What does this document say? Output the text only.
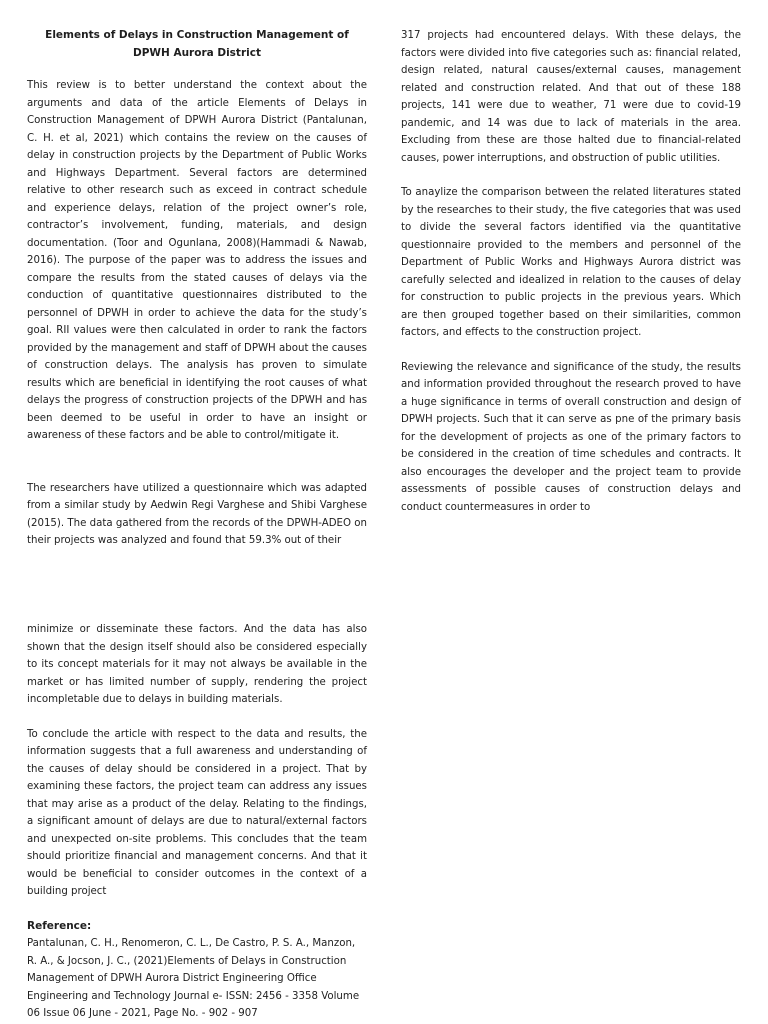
Elements of Delays in Construction Management of DPWH Aurora District

This review is to better understand the context about the arguments and data of the article Elements of Delays in Construction Management of DPWH Aurora District (Pantalunan, C. H. et al, 2021) which contains the review on the causes of delay in construction projects by the Department of Public Works and Highways Department. Several factors are determined relative to other research such as exceed in contract schedule and experience delays, relation of the project owner’s role, contractor’s involvement, funding, materials, and design documentation. (Toor and Ogunlana, 2008)(Hammadi & Nawab, 2016). The purpose of the paper was to address the issues and compare the results from the stated causes of delays via the conduction of quantitative questionnaires distributed to the personnel of DPWH in order to achieve the data for the study’s goal. RII values were then calculated in order to rank the factors provided by the management and staff of DPWH about the causes of construction delays. The analysis has proven to simulate results which are beneficial in identifying the root causes of what delays the progress of construction projects of the DPWH and has been deemed to be useful in order to have an insight or awareness of these factors and be able to control/mitigate it.

The researchers have utilized a questionnaire which was adapted from a similar study by Aedwin Regi Varghese and Shibi Varghese (2015). The data gathered from the records of the DPWH-ADEO on their projects was analyzed and found that 59.3% out of their

317 projects had encountered delays. With these delays, the factors were divided into five categories such as: financial related, design related, natural causes/external causes, management related and construction related. And that out of these 188 projects, 141 were due to weather, 71 were due to covid-19 pandemic, and 14 was due to lack of materials in the area. Excluding from these are those halted due to financial-related causes, power interruptions, and obstruction of public utilities.

To anaylize the comparison between the related literatures stated by the researches to their study, the five categories that was used to divide the several factors identified via the quantitative questionnaire provided to the members and personnel of the Department of Public Works and Highways Aurora district was carefully selected and idealized in relation to the causes of delay for construction to public projects in the previous years. Which are then grouped together based on their similarities, common factors, and effects to the construction project.

Reviewing the relevance and significance of the study, the results and information provided throughout the research proved to have a huge significance in terms of overall construction and design of DPWH projects. Such that it can serve as pne of the primary basis for the development of projects as one of the primary factors to be considered in the creation of time schedules and contracts. It also encourages the developer and the project team to provide assessments of possible causes of construction delays and conduct countermeasures in order to

minimize or disseminate these factors. And the data has also shown that the design itself should also be considered especially to its concept materials for it may not always be available in the market or has limited number of supply, rendering the project incompletable due to delays in building materials.

To conclude the article with respect to the data and results, the information suggests that a full awareness and understanding of the causes of delay should be considered in a project. That by examining these factors, the project team can address any issues that may arise as a product of the delay. Relating to the findings, a significant amount of delays are due to natural/external factors and unexpected on-site problems. This concludes that the team should prioritize financial and management concerns. And that it would be beneficial to consider outcomes in the context of a building project

Reference:

Pantalunan, C. H., Renomeron, C. L., De Castro, P. S. A., Manzon, R. A., & Jocson, J. C., (2021)Elements of Delays in Construction Management of DPWH Aurora District Engineering Office Engineering and Technology Journal e- ISSN: 2456 - 3358 Volume 06 Issue 06 June - 2021, Page No. - 902 - 907
